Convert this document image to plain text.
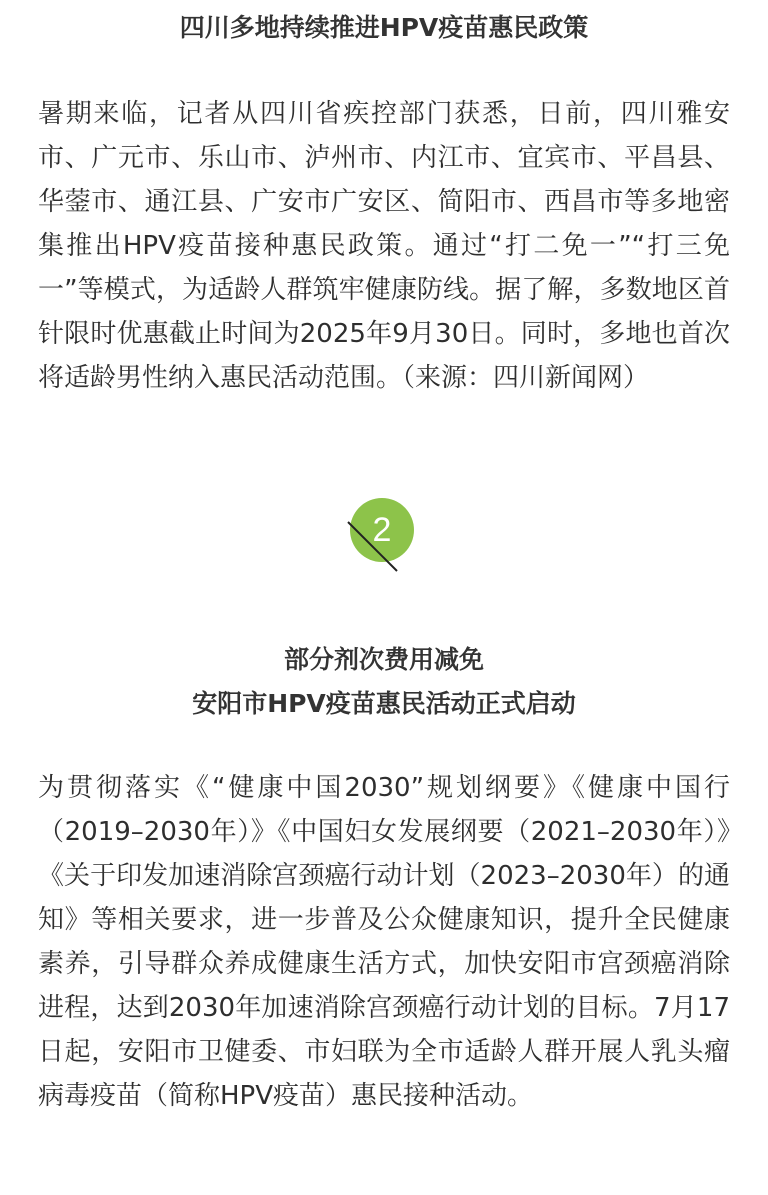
四川多地持续推进HPV疫苗惠民政策

暑期来临，记者从四川省疾控部门获悉，日前，四川雅安市、广元市、乐山市、泸州市、内江市、宜宾市、平昌县、华蓥市、通江县、广安市广安区、简阳市、西昌市等多地密集推出HPV疫苗接种惠民政策。通过“打二免一”“打三免一”等模式，为适龄人群筑牢健康防线。据了解，多数地区首针限时优惠截止时间为2025年9月30日。同时，多地也首次将适龄男性纳入惠民活动范围。（来源：四川新闻网）

2
部分剂次费用减免
安阳市HPV疫苗惠民活动正式启动

为贯彻落实《“健康中国2030”规划纲要》《健康中国行（2019–2030年）》《中国妇女发展纲要（2021–2030年）》《关于印发加速消除宫颈癌行动计划（2023–2030年）的通知》等相关要求，进一步普及公众健康知识，提升全民健康素养，引导群众养成健康生活方式，加快安阳市宫颈癌消除进程，达到2030年加速消除宫颈癌行动计划的目标。7月17日起，安阳市卫健委、市妇联为全市适龄人群开展人乳头瘤病毒疫苗（简称HPV疫苗）惠民接种活动。
